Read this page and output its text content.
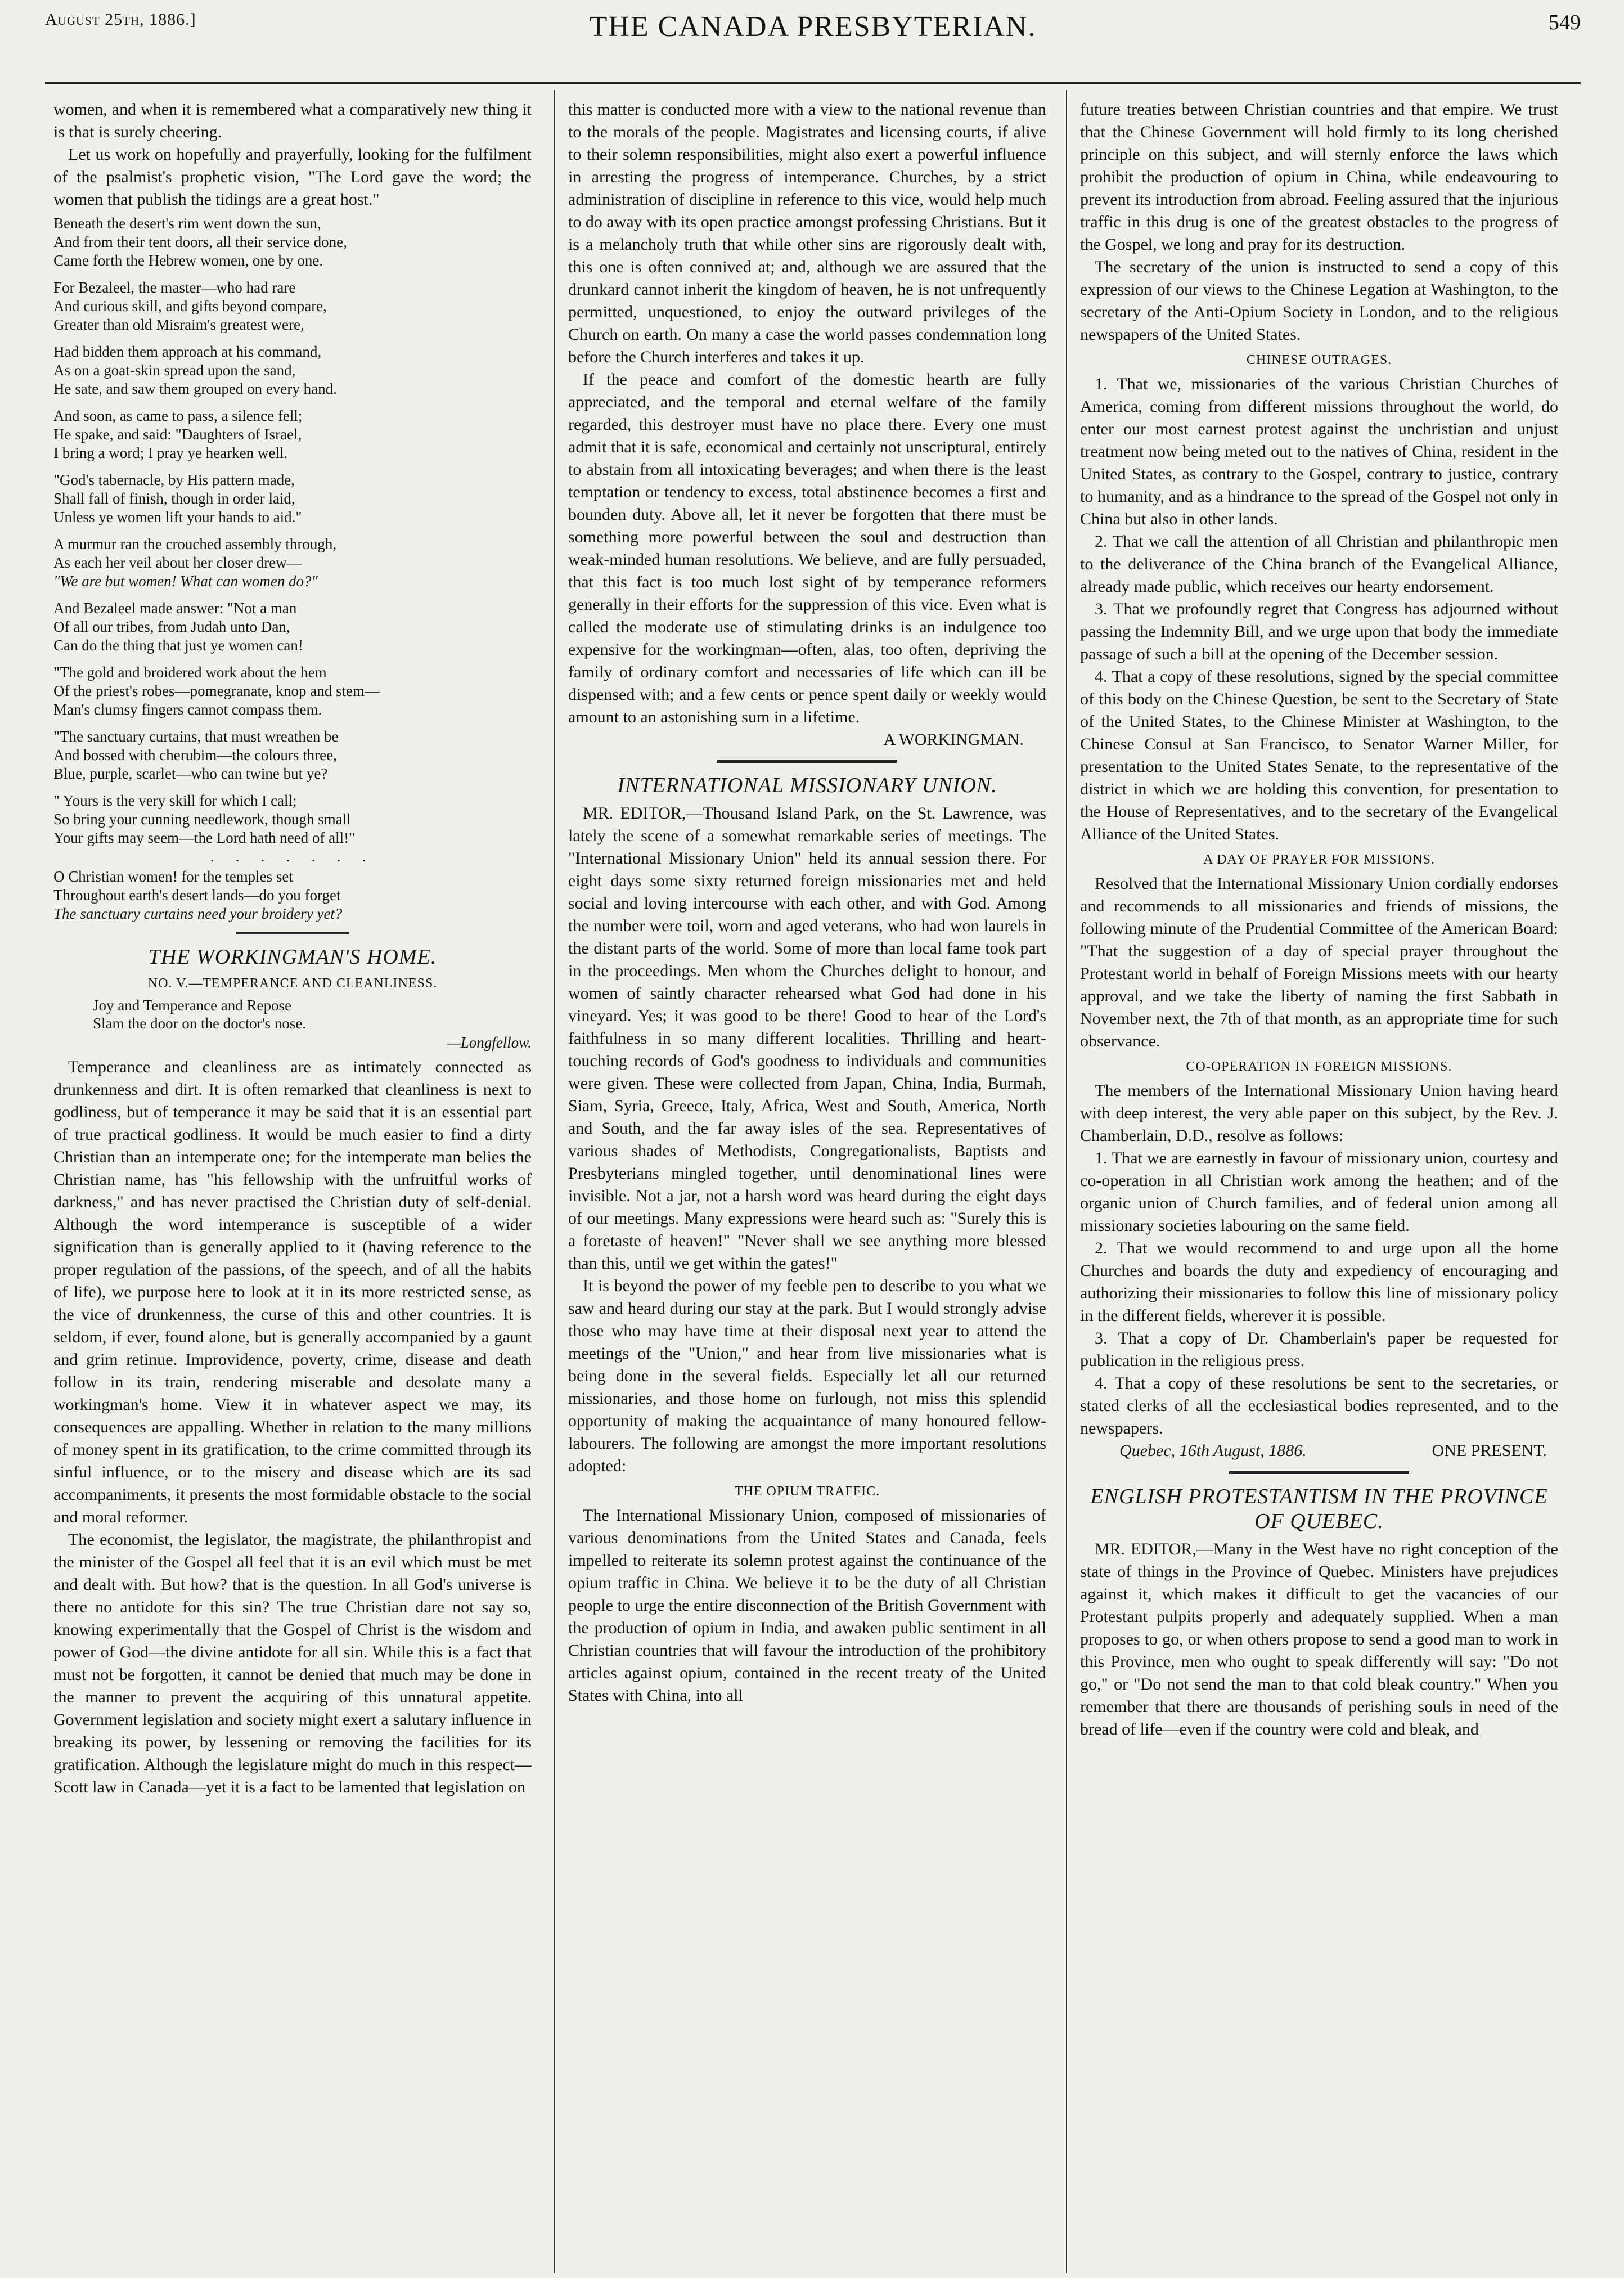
August 25th, 1886.]	THE CANADA PRESBYTERIAN.	549

women, and when it is remembered what a comparatively new thing it is that is surely cheering.

Let us work on hopefully and prayerfully, looking for the fulfilment of the psalmist's prophetic vision, "The Lord gave the word; the women that publish the tidings are a great host."

Beneath the desert's rim went down the sun,
And from their tent doors, all their service done,
Came forth the Hebrew women, one by one.
For Bezaleel, the master—who had rare
And curious skill, and gifts beyond compare,
Greater than old Misraim's greatest were,
Had bidden them approach at his command,
As on a goat-skin spread upon the sand,
He sate, and saw them grouped on every hand.
And soon, as came to pass, a silence fell;
He spake, and said: "Daughters of Israel,
I bring a word; I pray ye hearken well.
"God's tabernacle, by His pattern made,
Shall fall of finish, though in order laid,
Unless ye women lift your hands to aid."
A murmur ran the crouched assembly through,
As each her veil about her closer drew—
"We are but women! What can women do?"
And Bezaleel made answer: "Not a man
Of all our tribes, from Judah unto Dan,
Can do the thing that just ye women can!
"The gold and broidered work about the hem
Of the priest's robes—pomegranate, knop and stem—
Man's clumsy fingers cannot compass them.
"The sanctuary curtains, that must wreathen be
And bossed with cherubim—the colours three,
Blue, purple, scarlet—who can twine but ye?
" Yours is the very skill for which I call;
So bring your cunning needlework, though small
Your gifts may seem—the Lord hath need of all!"
. . . . . . .
O Christian women! for the temples set
Throughout earth's desert lands—do you forget
The sanctuary curtains need your broidery yet?
THE WORKINGMAN'S HOME.
NO. V.—TEMPERANCE AND CLEANLINESS.
Joy and Temperance and Repose
Slam the door on the doctor's nose.
—Longfellow.

Temperance and cleanliness are as intimately connected as drunkenness and dirt. It is often remarked that cleanliness is next to godliness, but of temperance it may be said that it is an essential part of true practical godliness. It would be much easier to find a dirty Christian than an intemperate one; for the intemperate man belies the Christian name, has "his fellowship with the unfruitful works of darkness," and has never practised the Christian duty of self-denial. Although the word intemperance is susceptible of a wider signification than is generally applied to it (having reference to the proper regulation of the passions, of the speech, and of all the habits of life), we purpose here to look at it in its more restricted sense, as the vice of drunkenness, the curse of this and other countries. It is seldom, if ever, found alone, but is generally accompanied by a gaunt and grim retinue. Improvidence, poverty, crime, disease and death follow in its train, rendering miserable and desolate many a workingman's home. View it in whatever aspect we may, its consequences are appalling. Whether in relation to the many millions of money spent in its gratification, to the crime committed through its sinful influence, or to the misery and disease which are its sad accompaniments, it presents the most formidable obstacle to the social and moral reformer.

The economist, the legislator, the magistrate, the philanthropist and the minister of the Gospel all feel that it is an evil which must be met and dealt with. But how? that is the question. In all God's universe is there no antidote for this sin? The true Christian dare not say so, knowing experimentally that the Gospel of Christ is the wisdom and power of God—the divine antidote for all sin. While this is a fact that must not be forgotten, it cannot be denied that much may be done in the manner to prevent the acquiring of this unnatural appetite. Government legislation and society might exert a salutary influence in breaking its power, by lessening or removing the facilities for its gratification. Although the legislature might do much in this respect—Scott law in Canada—yet it is a fact to be lamented that legislation on

this matter is conducted more with a view to the national revenue than to the morals of the people. Magistrates and licensing courts, if alive to their solemn responsibilities, might also exert a powerful influence in arresting the progress of intemperance. Churches, by a strict administration of discipline in reference to this vice, would help much to do away with its open practice amongst professing Christians. But it is a melancholy truth that while other sins are rigorously dealt with, this one is often connived at; and, although we are assured that the drunkard cannot inherit the kingdom of heaven, he is not unfrequently permitted, unquestioned, to enjoy the outward privileges of the Church on earth. On many a case the world passes condemnation long before the Church interferes and takes it up.

If the peace and comfort of the domestic hearth are fully appreciated, and the temporal and eternal welfare of the family regarded, this destroyer must have no place there. Every one must admit that it is safe, economical and certainly not unscriptural, entirely to abstain from all intoxicating beverages; and when there is the least temptation or tendency to excess, total abstinence becomes a first and bounden duty. Above all, let it never be forgotten that there must be something more powerful between the soul and destruction than weak-minded human resolutions. We believe, and are fully persuaded, that this fact is too much lost sight of by temperance reformers generally in their efforts for the suppression of this vice. Even what is called the moderate use of stimulating drinks is an indulgence too expensive for the workingman—often, alas, too often, depriving the family of ordinary comfort and necessaries of life which can ill be dispensed with; and a few cents or pence spent daily or weekly would amount to an astonishing sum in a lifetime.

A WORKINGMAN.
INTERNATIONAL MISSIONARY UNION.

MR. EDITOR,—Thousand Island Park, on the St. Lawrence, was lately the scene of a somewhat remarkable series of meetings. The "International Missionary Union" held its annual session there. For eight days some sixty returned foreign missionaries met and held social and loving intercourse with each other, and with God. Among the number were toil, worn and aged veterans, who had won laurels in the distant parts of the world. Some of more than local fame took part in the proceedings. Men whom the Churches delight to honour, and women of saintly character rehearsed what God had done in his vineyard. Yes; it was good to be there! Good to hear of the Lord's faithfulness in so many different localities. Thrilling and heart-touching records of God's goodness to individuals and communities were given. These were collected from Japan, China, India, Burmah, Siam, Syria, Greece, Italy, Africa, West and South, America, North and South, and the far away isles of the sea. Representatives of various shades of Methodists, Congregationalists, Baptists and Presbyterians mingled together, until denominational lines were invisible. Not a jar, not a harsh word was heard during the eight days of our meetings. Many expressions were heard such as: "Surely this is a foretaste of heaven!" "Never shall we see anything more blessed than this, until we get within the gates!"

It is beyond the power of my feeble pen to describe to you what we saw and heard during our stay at the park. But I would strongly advise those who may have time at their disposal next year to attend the meetings of the "Union," and hear from live missionaries what is being done in the several fields. Especially let all our returned missionaries, and those home on furlough, not miss this splendid opportunity of making the acquaintance of many honoured fellow-labourers. The following are amongst the more important resolutions adopted:

THE OPIUM TRAFFIC.

The International Missionary Union, composed of missionaries of various denominations from the United States and Canada, feels impelled to reiterate its solemn protest against the continuance of the opium traffic in China. We believe it to be the duty of all Christian people to urge the entire disconnection of the British Government with the production of opium in India, and awaken public sentiment in all Christian countries that will favour the introduction of the prohibitory articles against opium, contained in the recent treaty of the United States with China, into all

future treaties between Christian countries and that empire. We trust that the Chinese Government will hold firmly to its long cherished principle on this subject, and will sternly enforce the laws which prohibit the production of opium in China, while endeavouring to prevent its introduction from abroad. Feeling assured that the injurious traffic in this drug is one of the greatest obstacles to the progress of the Gospel, we long and pray for its destruction.

The secretary of the union is instructed to send a copy of this expression of our views to the Chinese Legation at Washington, to the secretary of the Anti-Opium Society in London, and to the religious newspapers of the United States.

CHINESE OUTRAGES.

1. That we, missionaries of the various Christian Churches of America, coming from different missions throughout the world, do enter our most earnest protest against the unchristian and unjust treatment now being meted out to the natives of China, resident in the United States, as contrary to the Gospel, contrary to justice, contrary to humanity, and as a hindrance to the spread of the Gospel not only in China but also in other lands.

2. That we call the attention of all Christian and philanthropic men to the deliverance of the China branch of the Evangelical Alliance, already made public, which receives our hearty endorsement.

3. That we profoundly regret that Congress has adjourned without passing the Indemnity Bill, and we urge upon that body the immediate passage of such a bill at the opening of the December session.

4. That a copy of these resolutions, signed by the special committee of this body on the Chinese Question, be sent to the Secretary of State of the United States, to the Chinese Minister at Washington, to the Chinese Consul at San Francisco, to Senator Warner Miller, for presentation to the United States Senate, to the representative of the district in which we are holding this convention, for presentation to the House of Representatives, and to the secretary of the Evangelical Alliance of the United States.

A DAY OF PRAYER FOR MISSIONS.

Resolved that the International Missionary Union cordially endorses and recommends to all missionaries and friends of missions, the following minute of the Prudential Committee of the American Board: "That the suggestion of a day of special prayer throughout the Protestant world in behalf of Foreign Missions meets with our hearty approval, and we take the liberty of naming the first Sabbath in November next, the 7th of that month, as an appropriate time for such observance.

CO-OPERATION IN FOREIGN MISSIONS.

The members of the International Missionary Union having heard with deep interest, the very able paper on this subject, by the Rev. J. Chamberlain, D.D., resolve as follows:

1. That we are earnestly in favour of missionary union, courtesy and co-operation in all Christian work among the heathen; and of the organic union of Church families, and of federal union among all missionary societies labouring on the same field.

2. That we would recommend to and urge upon all the home Churches and boards the duty and expediency of encouraging and authorizing their missionaries to follow this line of missionary policy in the different fields, wherever it is possible.

3. That a copy of Dr. Chamberlain's paper be requested for publication in the religious press.

4. That a copy of these resolutions be sent to the secretaries, or stated clerks of all the ecclesiastical bodies represented, and to the newspapers.

Quebec, 16th August, 1886.	ONE PRESENT.
ENGLISH PROTESTANTISM IN THE PROVINCE OF QUEBEC.

MR. EDITOR,—Many in the West have no right conception of the state of things in the Province of Quebec. Ministers have prejudices against it, which makes it difficult to get the vacancies of our Protestant pulpits properly and adequately supplied. When a man proposes to go, or when others propose to send a good man to work in this Province, men who ought to speak differently will say: "Do not go," or "Do not send the man to that cold bleak country." When you remember that there are thousands of perishing souls in need of the bread of life—even if the country were cold and bleak, and
